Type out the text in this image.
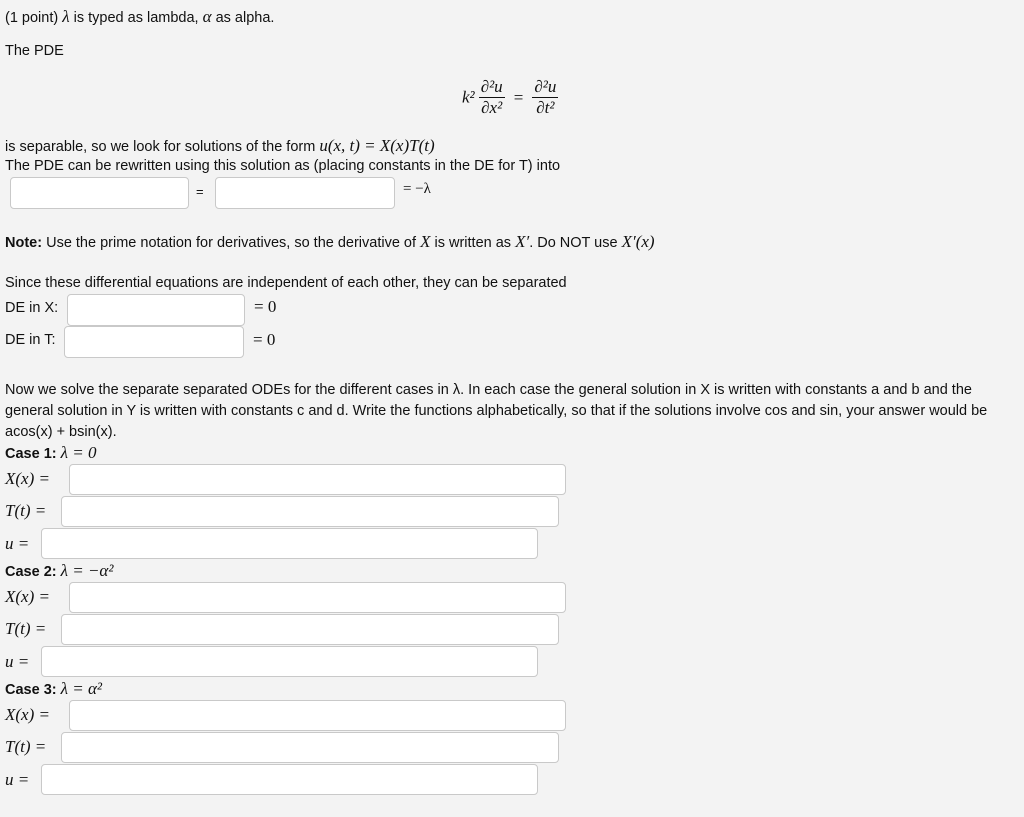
(1 point) λ is typed as lambda, α as alpha.
The PDE
$k^2 \frac{\text{∂²u}}{\text{∂x²}} = \frac{\text{∂²u}}{\text{∂t²}}$
is separable, so we look for solutions of the form u(x, t) = X(x)T(t)
The PDE can be rewritten using this solution as (placing constants in the DE for T) into
=	= −λ
Note: Use the prime notation for derivatives, so the derivative of X is written as X′. Do NOT use X′(x)
Since these differential equations are independent of each other, they can be separated
DE in X:	= 0
DE in T:	= 0
Now we solve the separate separated ODEs for the different cases in λ. In each case the general solution in X is written with constants a and b and the general solution in Y is written with constants c and d. Write the functions alphabetically, so that if the solutions involve cos and sin, your answer would be acos(x) + bsin(x).
Case 1: λ = 0
X(x) =
T(t) =
u =
Case 2: λ = −α²
X(x) =
T(t) =
u =
Case 3: λ = α²
X(x) =
T(t) =
u =
